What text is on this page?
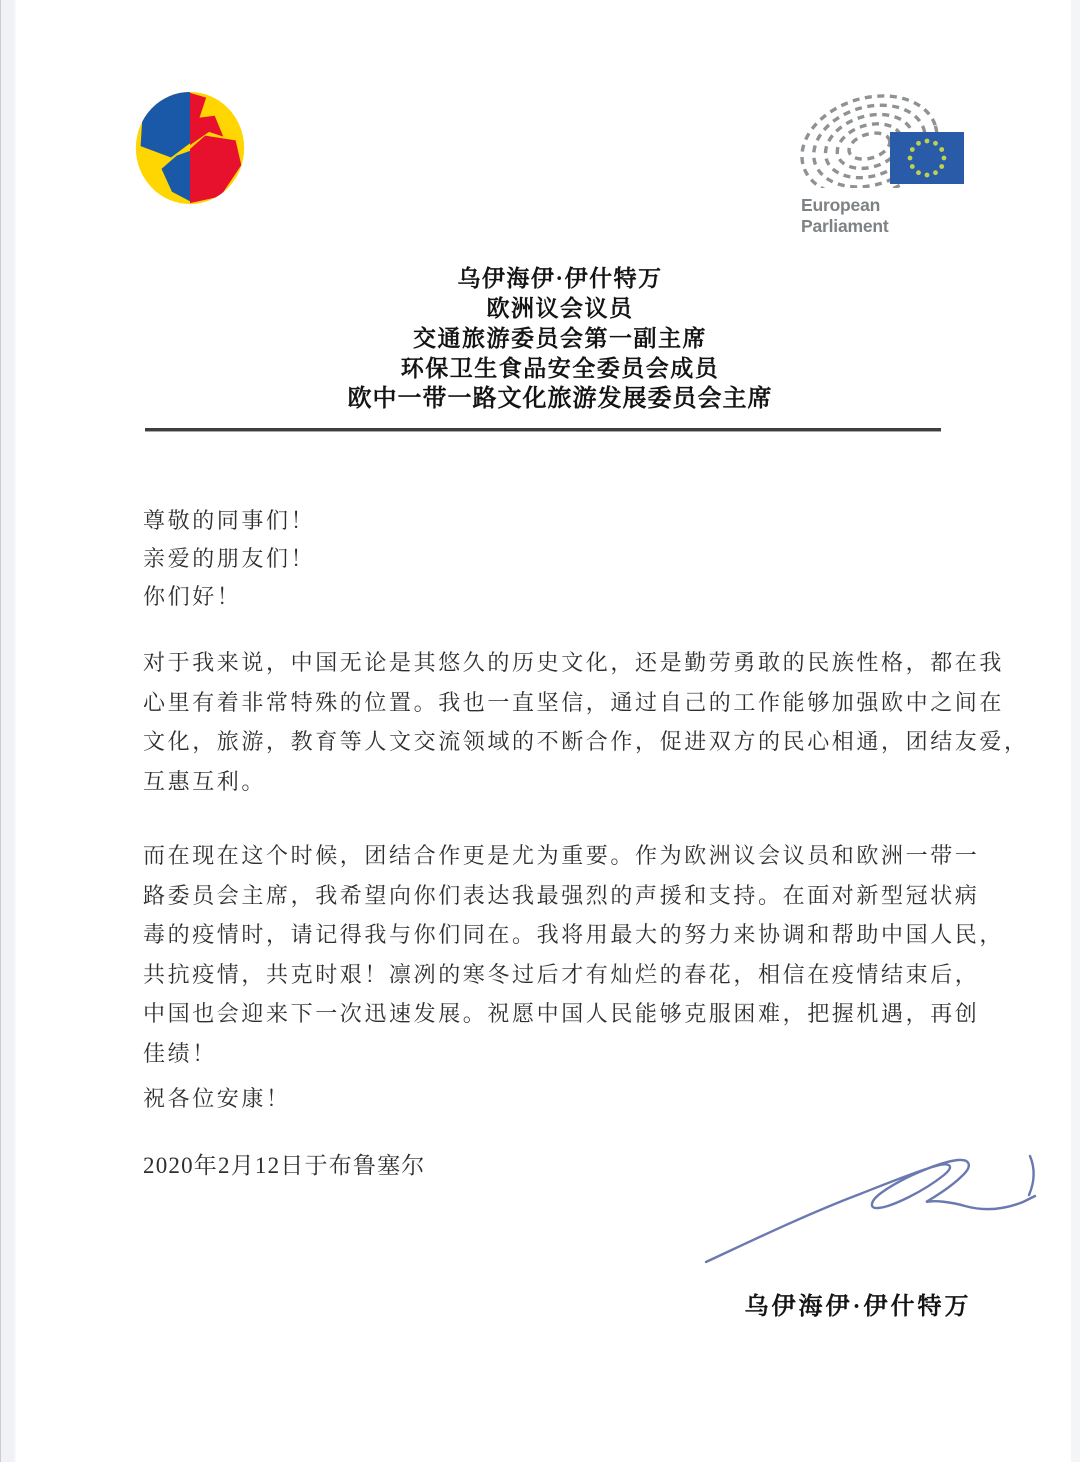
European Parliament
乌伊海伊·伊什特万
欧洲议会议员
交通旅游委员会第一副主席
环保卫生食品安全委员会成员
欧中一带一路文化旅游发展委员会主席
尊敬的同事们！
亲爱的朋友们！
你们好！
对于我来说，中国无论是其悠久的历史文化，还是勤劳勇敢的民族性格，都在我
心里有着非常特殊的位置。我也一直坚信，通过自己的工作能够加强欧中之间在
文化，旅游，教育等人文交流领域的不断合作，促进双方的民心相通，团结友爱，
互惠互利。
而在现在这个时候，团结合作更是尤为重要。作为欧洲议会议员和欧洲一带一
路委员会主席，我希望向你们表达我最强烈的声援和支持。在面对新型冠状病
毒的疫情时，请记得我与你们同在。我将用最大的努力来协调和帮助中国人民，
共抗疫情，共克时艰！凛冽的寒冬过后才有灿烂的春花，相信在疫情结束后，
中国也会迎来下一次迅速发展。祝愿中国人民能够克服困难，把握机遇，再创
佳绩！
祝各位安康！
2020年2月12日于布鲁塞尔
乌伊海伊·伊什特万
